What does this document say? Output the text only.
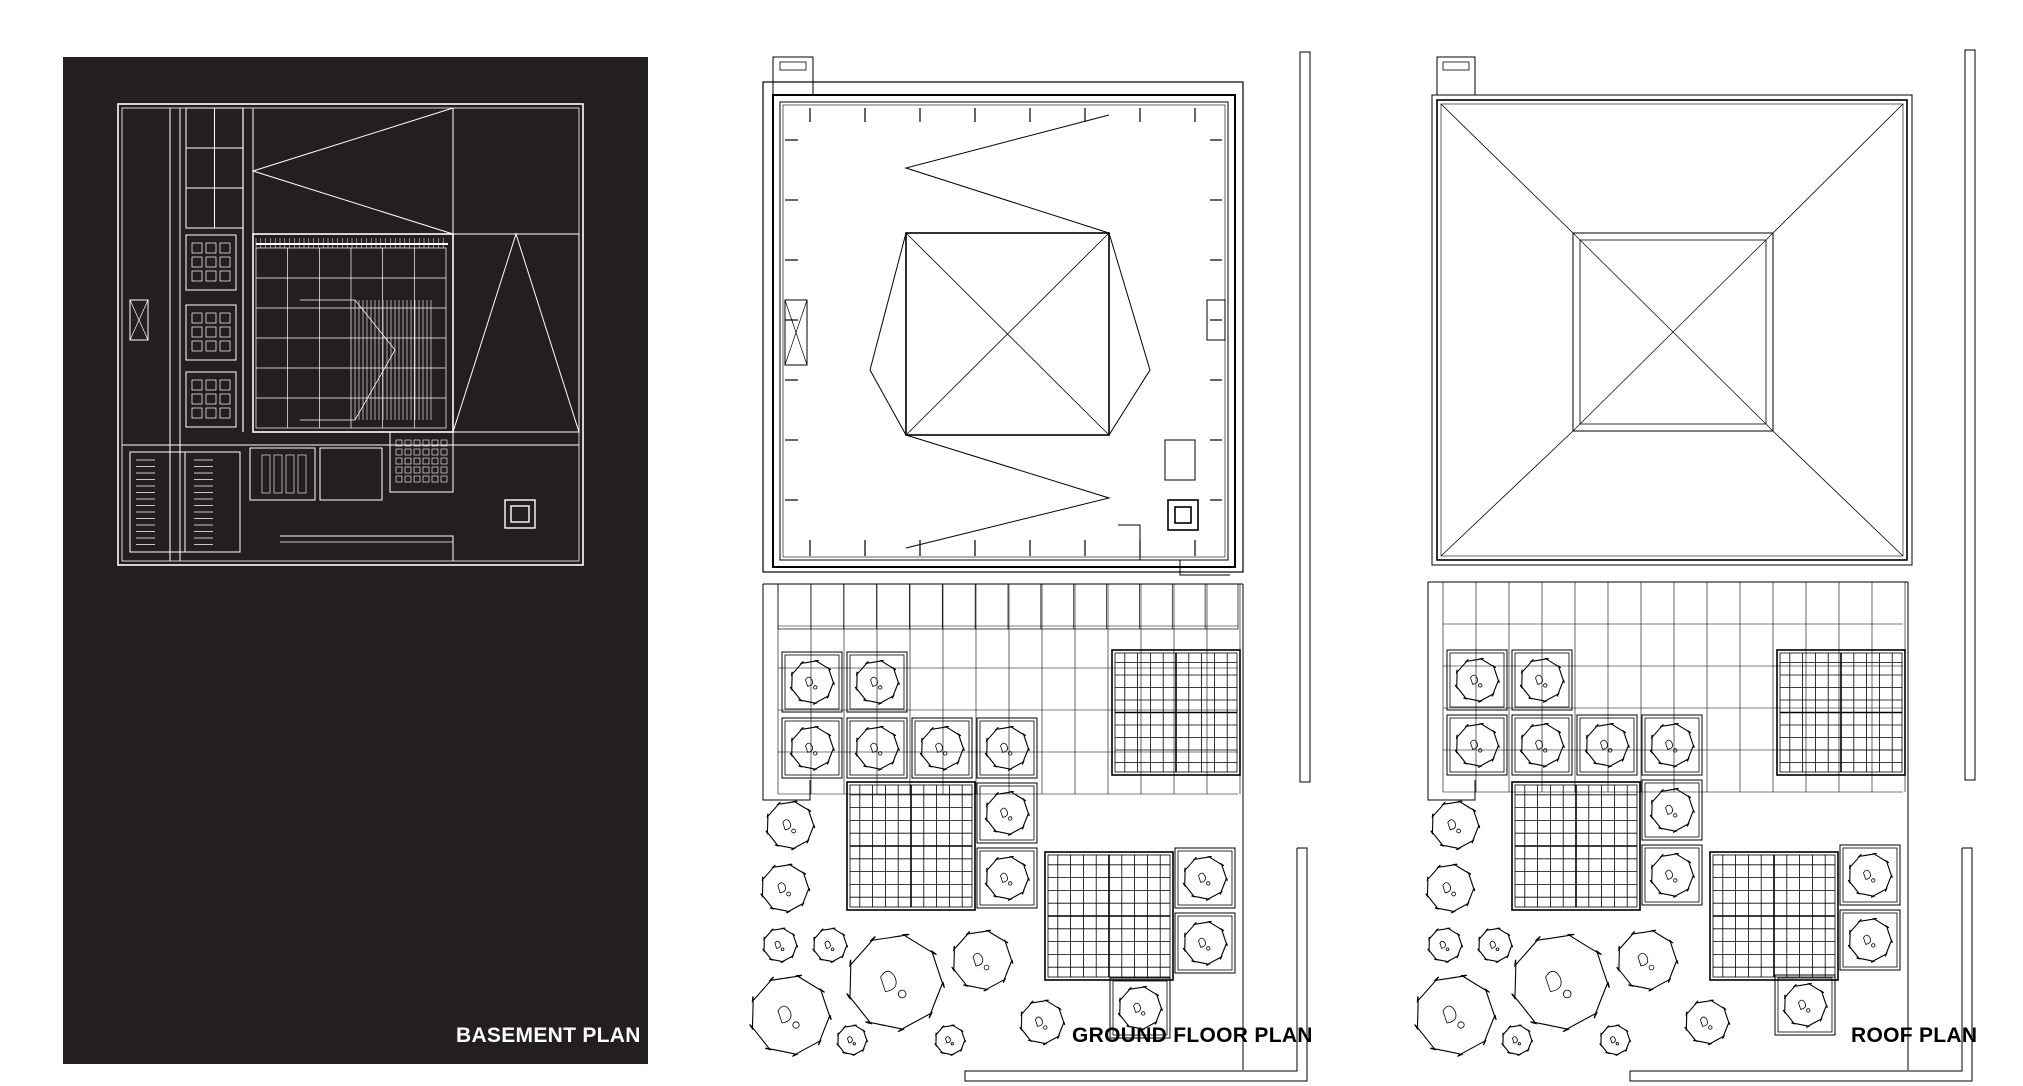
BASEMENT PLAN	GROUND FLOOR PLAN	ROOF PLAN
